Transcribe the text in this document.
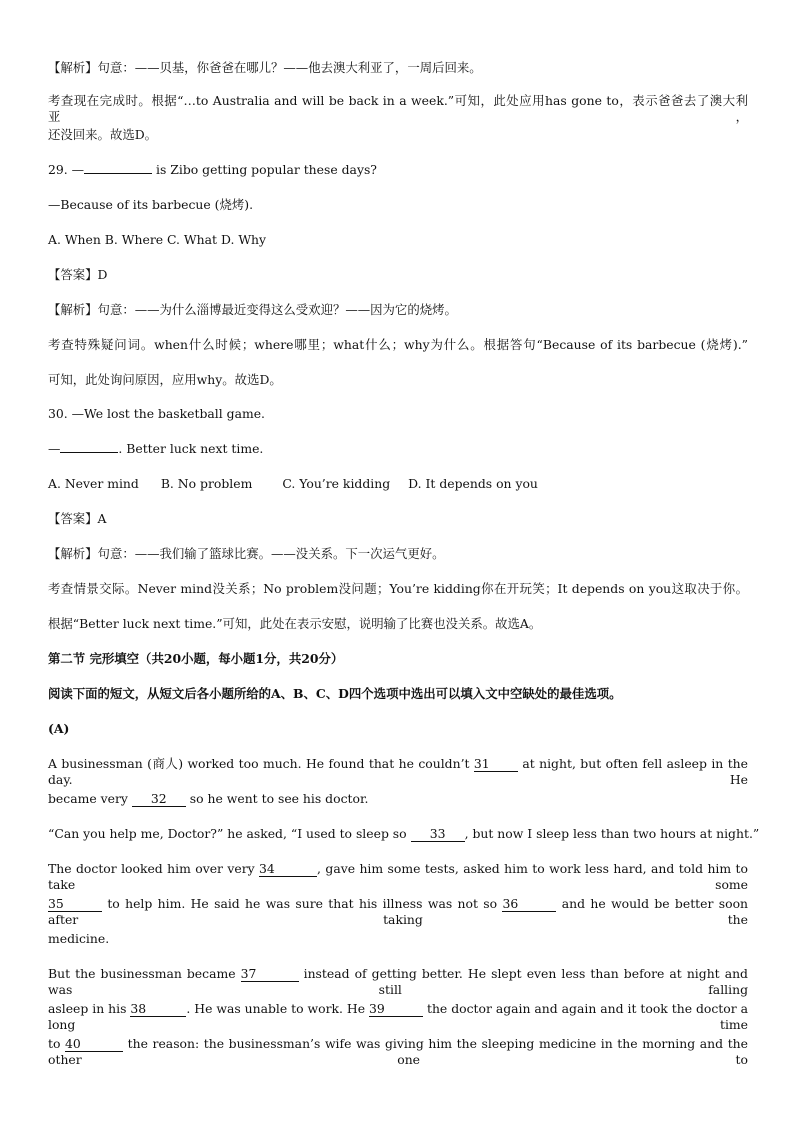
【解析】句意：——贝基，你爸爸在哪儿？——他去澳大利亚了，一周后回来。
考查现在完成时。根据“…to Australia and will be back in a week.”可知，此处应用has gone to，表示爸爸去了澳大利亚，
还没回来。故选D。
29. —	is Zibo getting popular these days?
—Because of its barbecue (烧烤).
A. When B. Where C. What D. Why
【答案】D
【解析】句意：——为什么淄博最近变得这么受欢迎？——因为它的烧烤。
考查特殊疑问词。when什么时候；where哪里；what什么；why为什么。根据答句“Because of its barbecue (烧烤).”
可知，此处询问原因，应用why。故选D。
30. —We lost the basketball game.
—	. Better luck next time.
A. Never mind B. No problem C. You’re kidding D. It depends on you
【答案】A
【解析】句意：——我们输了篮球比赛。——没关系。下一次运气更好。
考查情景交际。Never mind没关系；No problem没问题；You’re kidding你在开玩笑；It depends on you这取决于你。
根据“Better luck next time.”可知，此处在表示安慰，说明输了比赛也没关系。故选A。
第二节 完形填空（共20小题，每小题1分，共20分）
阅读下面的短文，从短文后各小题所给的A、B、C、D四个选项中选出可以填入文中空缺处的最佳选项。
(A)
A businessman (商人) worked too much. He found that he couldn’t 31 at night, but often fell asleep in the day. He
became very 32 so he went to see his doctor.
“Can you help me, Doctor?” he asked, “I used to sleep so 33 , but now I sleep less than two hours at night.”
The doctor looked him over very 34	, gave him some tests, asked him to work less hard, and told him to take some
35	to help him. He said he was sure that his illness was not so 36	and he would be better soon after taking the
medicine.
But the businessman became 37	instead of getting better. He slept even less than before at night and was still falling
asleep in his 38	. He was unable to work. He 39	the doctor again and again and it took the doctor a long time
to 40	the reason: the businessman’s wife was giving him the sleeping medicine in the morning and the other one to
